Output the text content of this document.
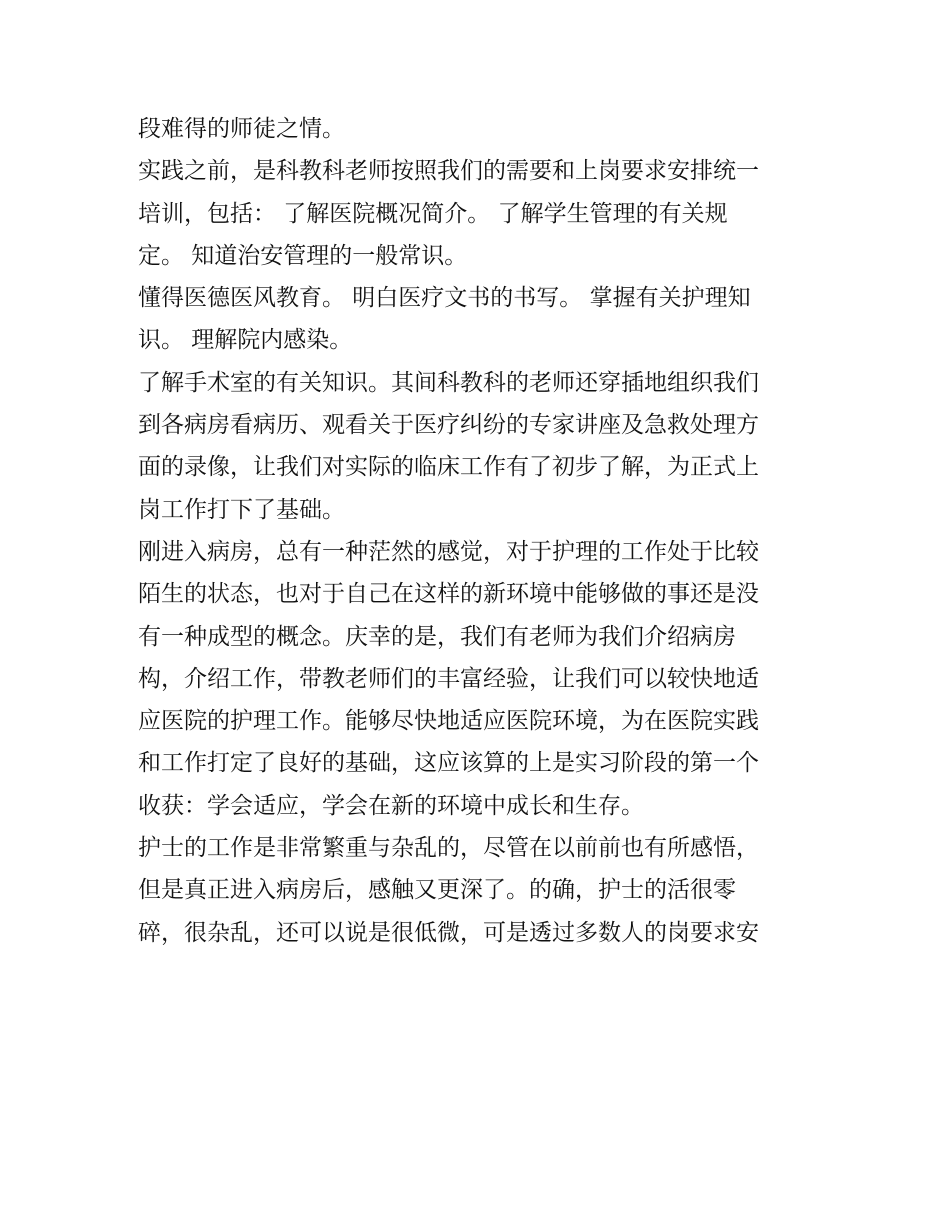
段难得的师徒之情。
实践之前，是科教科老师按照我们的需要和上岗要求安排统一
培训，包括： 了解医院概况简介。 了解学生管理的有关规
定。 知道治安管理的一般常识。
懂得医德医风教育。 明白医疗文书的书写。 掌握有关护理知
识。 理解院内感染。
了解手术室的有关知识。其间科教科的老师还穿插地组织我们
到各病房看病历、观看关于医疗纠纷的专家讲座及急救处理方
面的录像，让我们对实际的临床工作有了初步了解，为正式上
岗工作打下了基础。
刚进入病房，总有一种茫然的感觉，对于护理的工作处于比较
陌生的状态，也对于自己在这样的新环境中能够做的事还是没
有一种成型的概念。庆幸的是，我们有老师为我们介绍病房
构，介绍工作，带教老师们的丰富经验，让我们可以较快地适
应医院的护理工作。能够尽快地适应医院环境，为在医院实践
和工作打定了良好的基础，这应该算的上是实习阶段的第一个
收获：学会适应，学会在新的环境中成长和生存。
护士的工作是非常繁重与杂乱的，尽管在以前前也有所感悟，
但是真正进入病房后，感触又更深了。的确，护士的活很零
碎，很杂乱，还可以说是很低微，可是透过多数人的岗要求安
